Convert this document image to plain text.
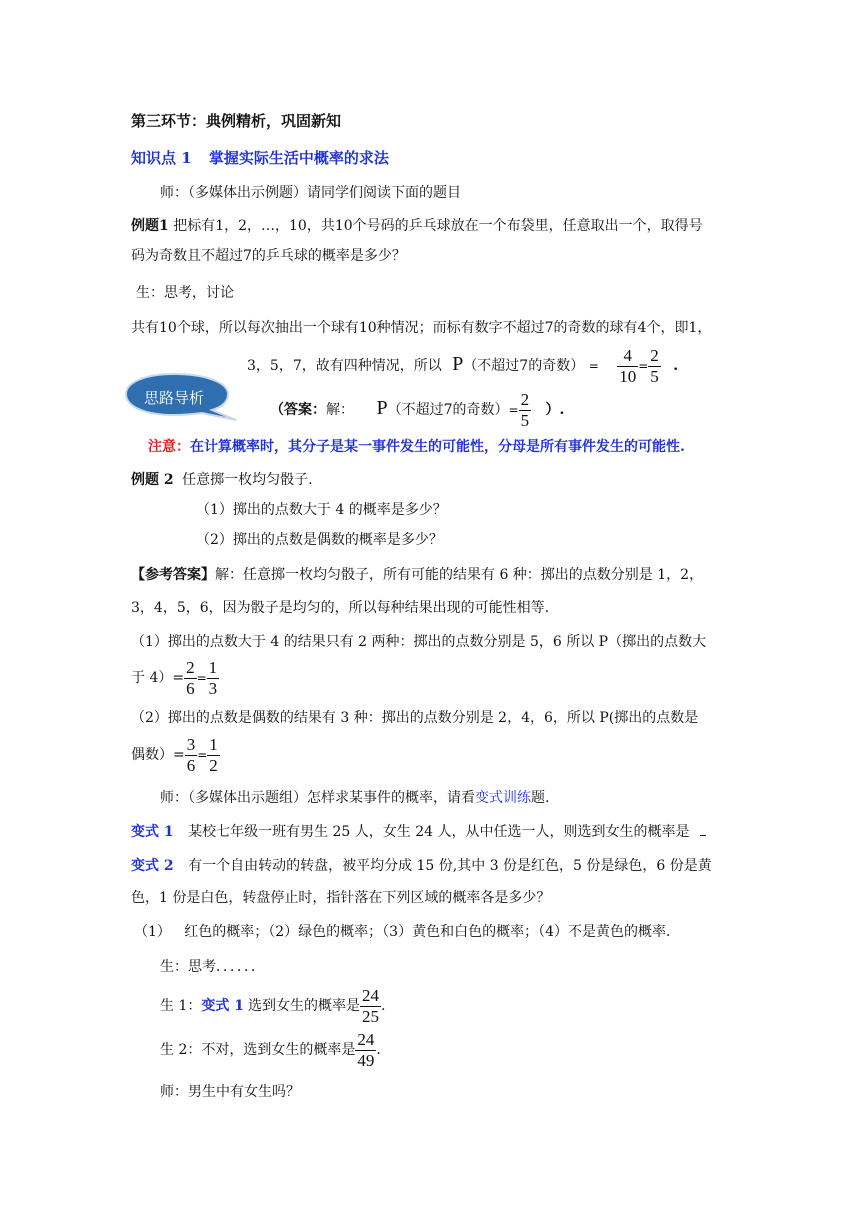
第三环节：典例精析，巩固新知
知识点 1 掌握实际生活中概率的求法
师：（多媒体出示例题）请同学们阅读下面的题目
例题1 把标有1，2，…，10，共10个号码的乒乓球放在一个布袋里，任意取出一个，取得号
码为奇数且不超过7的乒乓球的概率是多少？
生：思考，讨论
共有10个球，所以每次抽出一个球有10种情况；而标有数字不超过7的奇数的球有4个，即1，
3，5，7，故有四种情况，所以 P（不超过7的奇数） = $\frac{4}{10} = \frac{2}{5}$ .
思路导析
（答案：解： P（不超过7的奇数）= $\frac{2}{5}$ ）.
注意：在计算概率时，其分子是某一事件发生的可能性，分母是所有事件发生的可能性.
例题 2 任意掷一枚均匀骰子.
（1）掷出的点数大于 4 的概率是多少？
（2）掷出的点数是偶数的概率是多少？
【参考答案】解：任意掷一枚均匀骰子，所有可能的结果有 6 种：掷出的点数分别是 1，2，
3，4，5，6，因为骰子是均匀的，所以每种结果出现的可能性相等.
（1）掷出的点数大于 4 的结果只有 2 两种：掷出的点数分别是 5，6 所以 P（掷出的点数大
于 $4)= \frac{2}{6} = \frac{1}{3}$
（2）掷出的点数是偶数的结果有 3 种：掷出的点数分别是 2，4，6，所以 P(掷出的点数是
偶数）= $\frac{3}{6} = \frac{1}{2}$
师：（多媒体出示题组）怎样求某事件的概率，请看变式训练题.
变式 1 某校七年级一班有男生 25 人，女生 24 人，从中任选一人，则选到女生的概率是
变式 2 有一个自由转动的转盘，被平均分成 15 份,其中 3 份是红色，5 份是绿色，6 份是黄
色，1 份是白色，转盘停止时，指针落在下列区域的概率各是多少？
（1）   红色的概率；（2）绿色的概率；（3）黄色和白色的概率；（4）不是黄色的概率.
生：思考．．．．．．
生 1：变式 1 选到女生的概率是 $\frac{24}{25}$ .
生 2：不对，选到女生的概率是 $\frac{24}{49}$ .
师：男生中有女生吗？
